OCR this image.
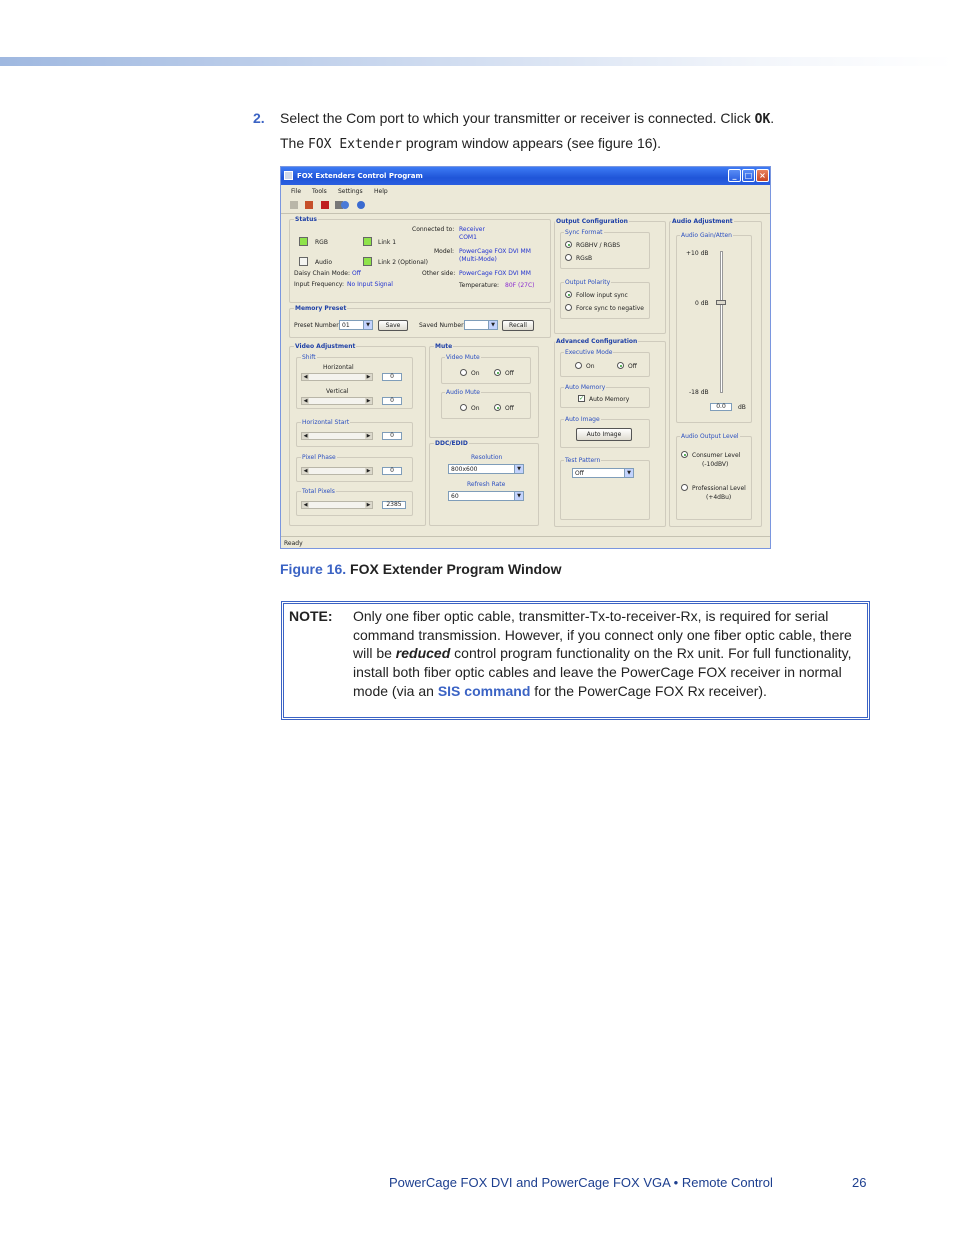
2. Select the Com port to which your transmitter or receiver is connected. Click OK.
The FOX Extender program window appears (see figure 16).
FOX Extenders Control Program	_	□ ×
File Tools Settings Help
Status
RGB
Audio
Link 1
Link 2 (Optional)
Connected to: Receiver
COM1
Model: PowerCage FOX DVI MM
(Multi-Mode)
Other side: PowerCage FOX DVI MM
Temperature: 80F (27C)
Daisy Chain Mode: Off
Input Frequency: No Input Signal
Memory Preset
Preset Number 01	▼	Save	Saved Number	▼	Recall
Video Adjustment
Shift
Horizontal
◀	▶	0
Vertical
◀	▶	0
Horizontal Start
◀	▶	0
Pixel Phase
◀	▶	0
Total Pixels
◀	▶	2385
Mute
Video Mute
On	Off
Audio Mute
On	Off
DDC/EDID
Resolution
800x600	▼
Refresh Rate
60	▼
Output Configuration
Sync Format
RGBHV / RGBS
RGsB
Output Polarity
Follow input sync
Force sync to negative
Advanced Configuration
Executive Mode
On	Off
Auto Memory
✓ Auto Memory
Auto Image
Auto Image
Test Pattern
Off	▼
Audio Adjustment
Audio Gain/Atten
+10 dB
0 dB
-18 dB
0.0	dB
Audio Output Level
Consumer Level
(-10dBV)
Professional Level
(+4dBu)
Ready
Figure 16. FOX Extender Program Window
NOTE: Only one fiber optic cable, transmitter-Tx-to-receiver-Rx, is required for serial command transmission. However, if you connect only one fiber optic cable, there will be reduced control program functionality on the Rx unit. For full functionality, install both fiber optic cables and leave the PowerCage FOX receiver in normal mode (via an SIS command for the PowerCage FOX Rx receiver).
PowerCage FOX DVI and PowerCage FOX VGA • Remote Control	26
